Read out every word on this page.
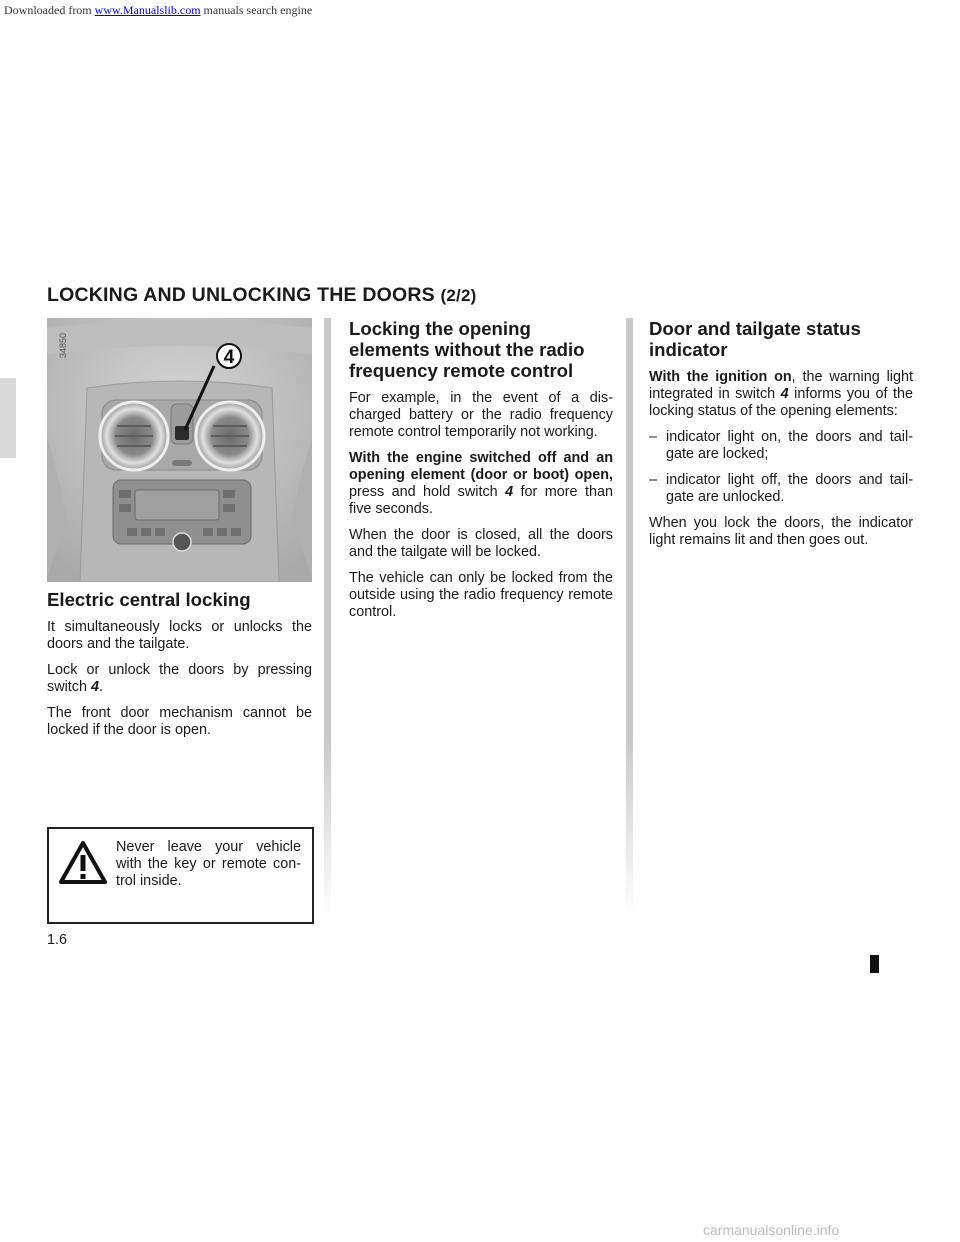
Downloaded from www.Manualslib.com manuals search engine
LOCKING AND UNLOCKING THE DOORS (2/2)
4
34850
Electric central locking

It simultaneously locks or unlocks the doors and the tailgate.

Lock or unlock the doors by pressing switch 4.

The front door mechanism cannot be locked if the door is open.

Locking the opening elements without the radio frequency remote control

For example, in the event of a dis-charged battery or the radio frequency remote control temporarily not working.

With the engine switched off and an opening element (door or boot) open, press and hold switch 4 for more than five seconds.

When the door is closed, all the doors and the tailgate will be locked.

The vehicle can only be locked from the outside using the radio frequency remote control.

Door and tailgate status indicator

With the ignition on, the warning light integrated in switch 4 informs you of the locking status of the opening elements:

– indicator light on, the doors and tail-gate are locked;
– indicator light off, the doors and tail-gate are unlocked.

When you lock the doors, the indicator light remains lit and then goes out.

Never leave your vehicle with the key or remote con-trol inside.
1.6
carmanualsonline.info
